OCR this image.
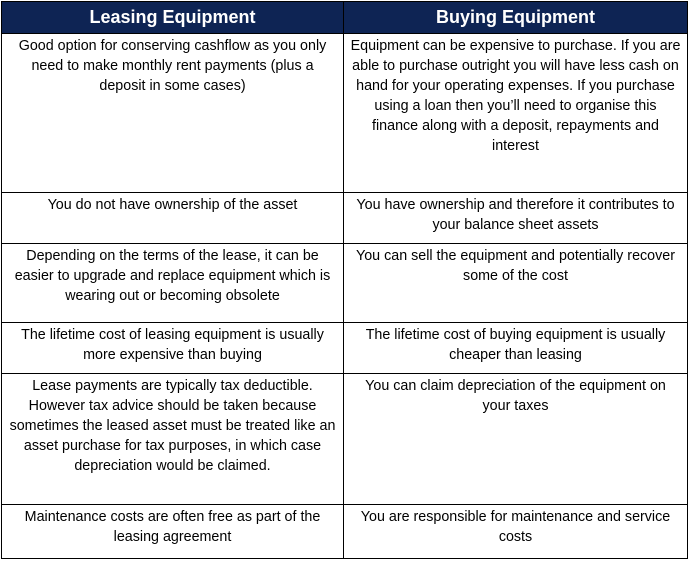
Leasing Equipment	Buying Equipment
Good option for conserving cashflow as you only need to make monthly rent payments (plus a deposit in some cases)	Equipment can be expensive to purchase. If you are able to purchase outright you will have less cash on hand for your operating expenses. If you purchase using a loan then you’ll need to organise this finance along with a deposit, repayments and interest
You do not have ownership of the asset	You have ownership and therefore it contributes to your balance sheet assets
Depending on the terms of the lease, it can be easier to upgrade and replace equipment which is wearing out or becoming obsolete	You can sell the equipment and potentially recover some of the cost
The lifetime cost of leasing equipment is usually more expensive than buying	The lifetime cost of buying equipment is usually cheaper than leasing
Lease payments are typically tax deductible. However tax advice should be taken because sometimes the leased asset must be treated like an asset purchase for tax purposes, in which case depreciation would be claimed.	You can claim depreciation of the equipment on your taxes
Maintenance costs are often free as part of the leasing agreement	You are responsible for maintenance and service costs
